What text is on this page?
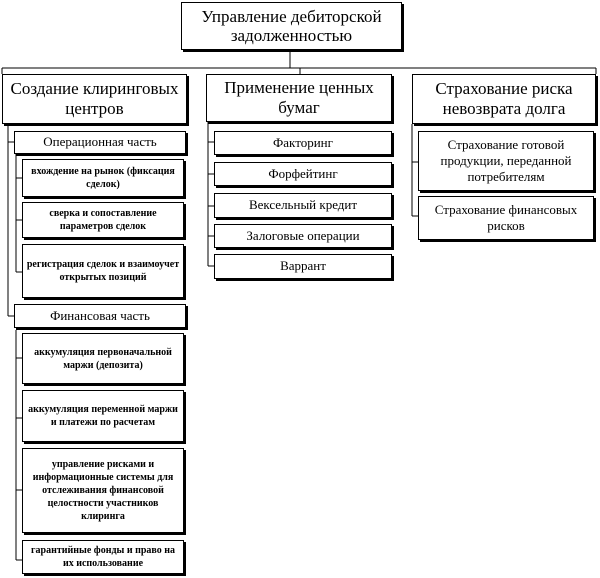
Управление дебиторской задолженностью
Создание клиринговых центров
Применение ценных бумаг
Страхование риска невозврата долга
Операционная часть
вхождение на рынок (фиксация сделок)
сверка и сопоставление параметров сделок
регистрация сделок и взаимоучет открытых позиций
Финансовая часть
аккумуляция первоначальной маржи (депозита)
аккумуляция переменной маржи и платежи по расчетам
управление рисками и информационные системы для отслеживания финансовой целостности участников клиринга
гарантийные фонды и право на их использование
Факторинг
Форфейтинг
Вексельный кредит
Залоговые операции
Варрант
Страхование готовой продукции, переданной потребителям
Страхование финансовых рисков
